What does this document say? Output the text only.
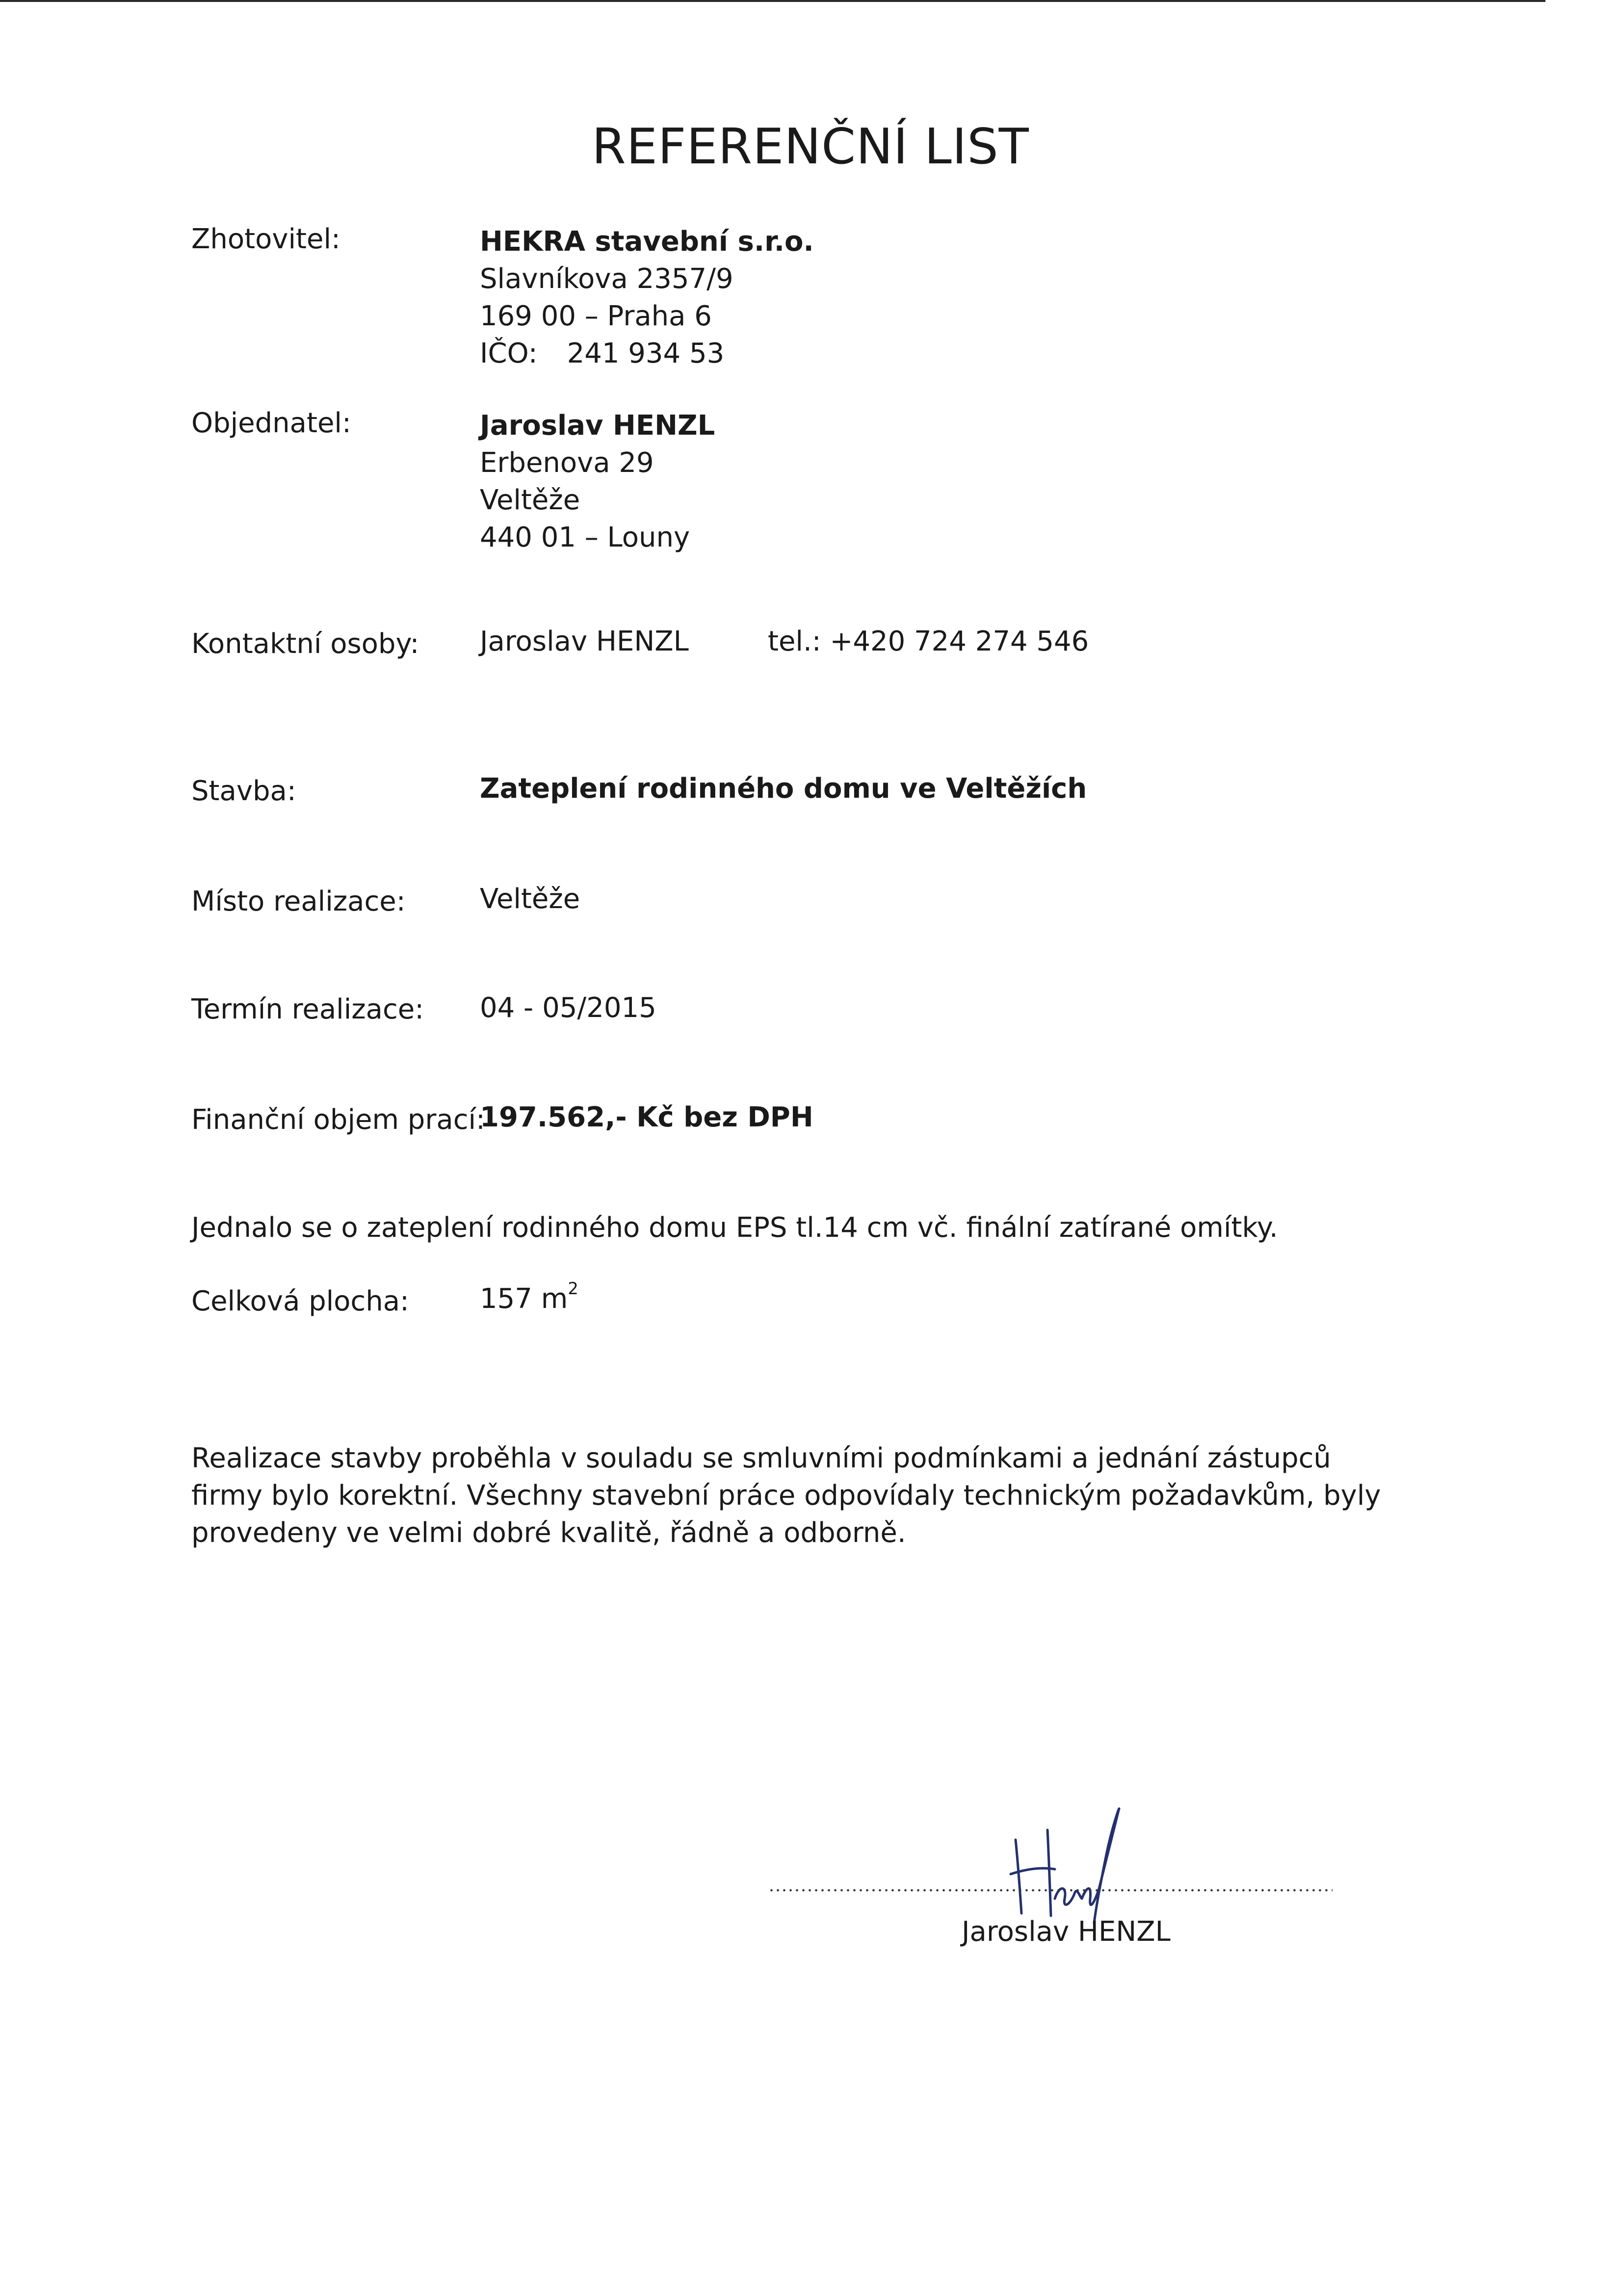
REFERENČNÍ LIST
Zhotovitel:	HEKRA stavební s.r.o.
Slavníkova 2357/9
169 00 – Praha 6
IČO: 241 934 53
Objednatel:	Jaroslav HENZL
Erbenova 29
Veltěže
440 01 – Louny
Kontaktní osoby: Jaroslav HENZL	tel.: +420 724 274 546
Stavba:	Zateplení rodinného domu ve Veltěžích
Místo realizace:	Veltěže
Termín realizace: 04 - 05/2015
Finanční objem prací:
197.562,- Kč bez DPH

Jednalo se o zateplení rodinného domu EPS tl.14 cm vč. finální zatírané omítky.

Celková plocha:	157 $m^2$

Realizace stavby proběhla v souladu se smluvními podmínkami a jednání zástupců firmy bylo korektní. Všechny stavební práce odpovídaly technickým požadavkům, byly provedeny ve velmi dobré kvalitě, řádně a odborně.

Jaroslav HENZL
